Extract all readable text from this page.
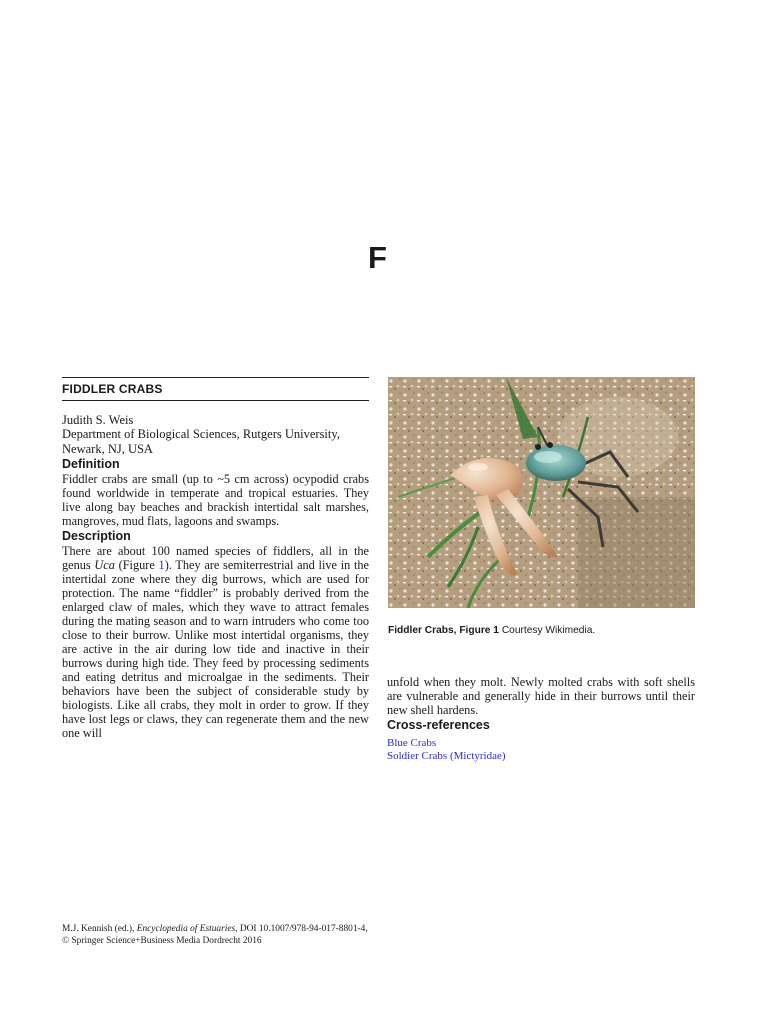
F
FIDDLER CRABS
Judith S. Weis
Department of Biological Sciences, Rutgers University,
Newark, NJ, USA
Definition

Fiddler crabs are small (up to ~5 cm across) ocypodid crabs found worldwide in temperate and tropical estuaries. They live along bay beaches and brackish intertidal salt marshes, mangroves, mud flats, lagoons and swamps.

Description

There are about 100 named species of fiddlers, all in the genus Uca (Figure 1). They are semiterrestrial and live in the intertidal zone where they dig burrows, which are used for protection. The name “fiddler” is probably derived from the enlarged claw of males, which they wave to attract females during the mating season and to warn intruders who come too close to their burrow. Unlike most intertidal organisms, they are active in the air during low tide and inactive in their burrows during high tide. They feed by processing sediments and eating detritus and microalgae in the sediments. Their behaviors have been the subject of considerable study by biologists. Like all crabs, they molt in order to grow. If they have lost legs or claws, they can regenerate them and the new one will

Fiddler Crabs, Figure 1 Courtesy Wikimedia.

unfold when they molt. Newly molted crabs with soft shells are vulnerable and generally hide in their burrows until their new shell hardens.

Cross-references
Blue Crabs
Soldier Crabs (Mictyridae)
M.J. Kennish (ed.), Encyclopedia of Estuaries, DOI 10.1007/978-94-017-8801-4,
© Springer Science+Business Media Dordrecht 2016
